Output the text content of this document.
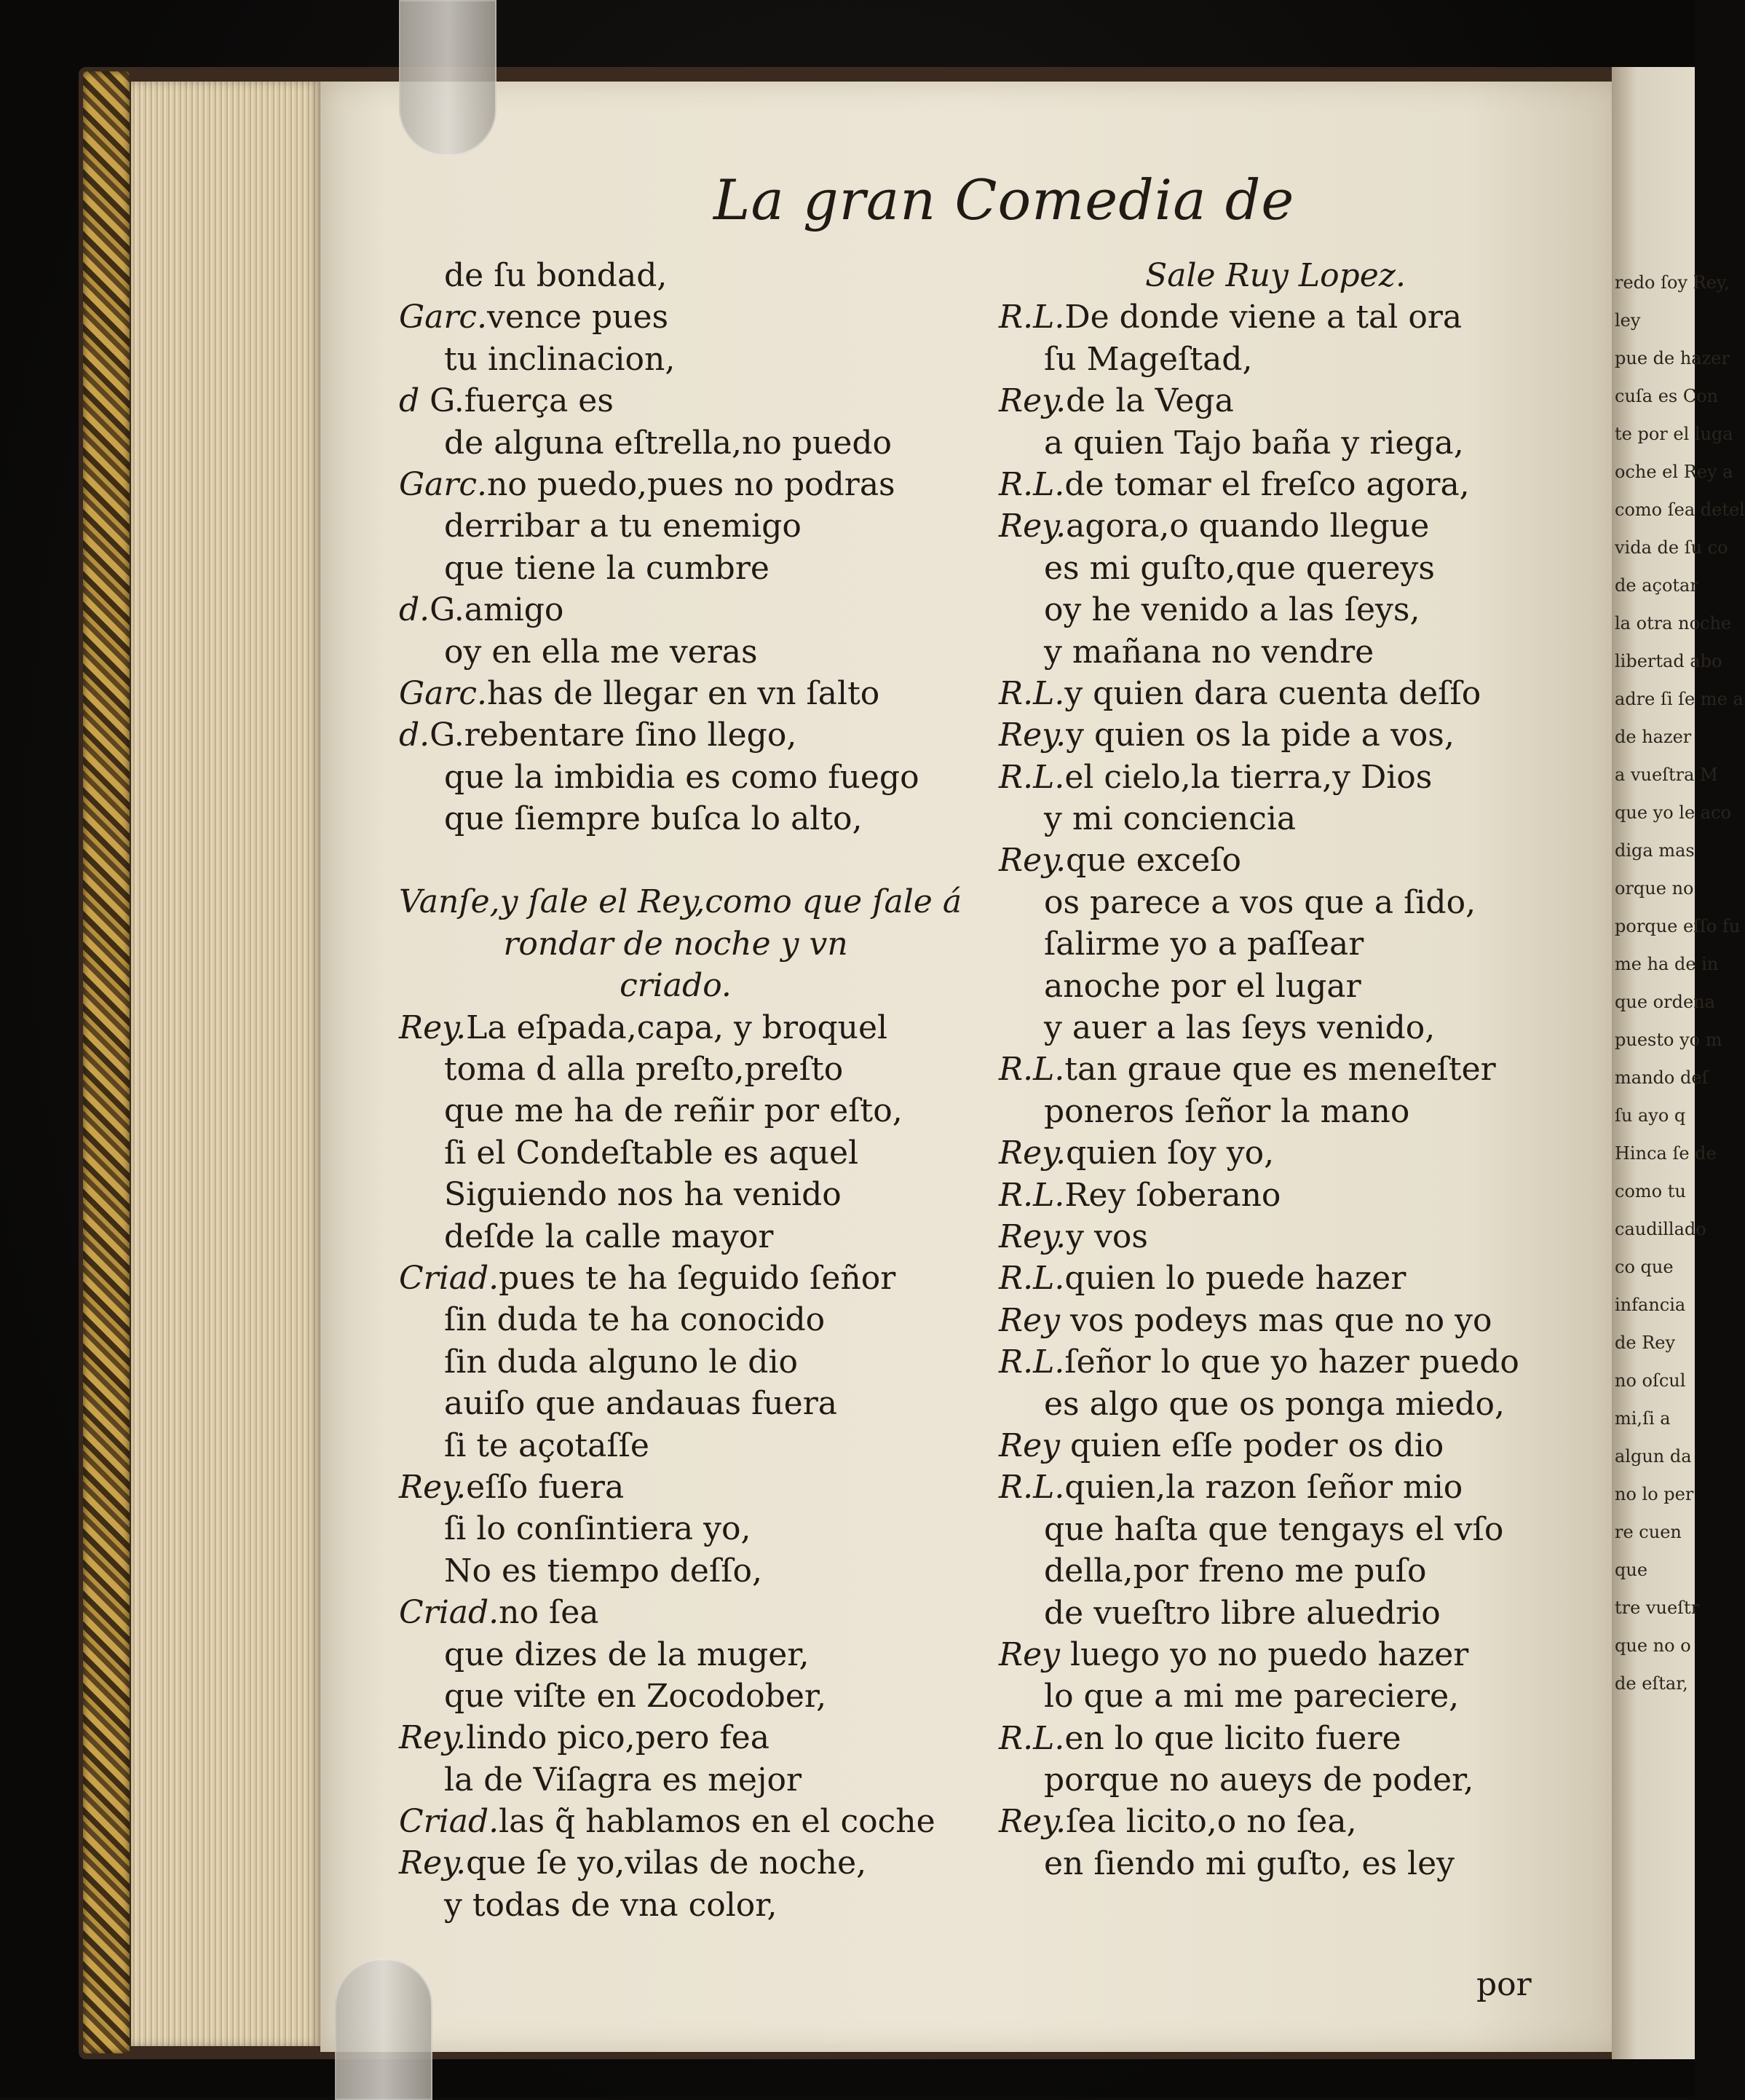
redo ſoy Rey,
ley
pue de hazer
cuſa es Con
te por el luga
oche el Rey a
como ſea detel
vida de ſu co
de açotar
la otra noche
libertad abo
adre ſi ſe me a
de hazer
a vueſtra M
que yo le aco
diga mas
orque no
porque eſſo fu
me ha de in
que ordena
puesto yo m
mando deſ
ſu ayo q
Hinca ſe de
como tu
caudillado
co que
infancia
de Rey
no oſcul
mi,ſi a
algun da
no lo per
re cuen
que
tre vueſtr
que no o
de eſtar,
La gran Comedia de
de ſu bondad,
Garc.vence pues
tu inclinacion,
d G.fuerça es
de alguna eſtrella,no puedo
Garc.no puedo,pues no podras
derribar a tu enemigo
que tiene la cumbre
d.G.amigo
oy en ella me veras
Garc.has de llegar en vn ſalto
d.G.rebentare ſino llego,
que la imbidia es como fuego
que ſiempre buſca lo alto,
Vanſe,y ſale el Rey,como que ſale á
rondar de noche y vn
criado.
Rey.La eſpada,capa, y broquel
toma d alla preſto,preſto
que me ha de reñir por eſto,
ſi el Condeſtable es aquel
Siguiendo nos ha venido
deſde la calle mayor
Criad.pues te ha ſeguido ſeñor
ſin duda te ha conocido
ſin duda alguno le dio
auiſo que andauas fuera
ſi te açotaſſe
Rey.eſſo fuera
ſi lo conſintiera yo,
No es tiempo deſſo,
Criad.no ſea
que dizes de la muger,
que viſte en Zocodober,
Rey.lindo pico,pero fea
la de Viſagra es mejor
Criad.las q̃ hablamos en el coche
Rey.que ſe yo,vilas de noche,
y todas de vna color,
Sale Ruy Lopez.
R.L.De donde viene a tal ora
ſu Mageſtad,
Rey.de la Vega
a quien Tajo baña y riega,
R.L.de tomar el freſco agora,
Rey.agora,o quando llegue
es mi guſto,que quereys
oy he venido a las ſeys,
y mañana no vendre
R.L.y quien dara cuenta deſſo
Rey.y quien os la pide a vos,
R.L.el cielo,la tierra,y Dios
y mi conciencia
Rey.que exceſo
os parece a vos que a ſido,
ſalirme yo a paſſear
anoche por el lugar
y auer a las ſeys venido,
R.L.tan graue que es meneſter
poneros ſeñor la mano
Rey.quien ſoy yo,
R.L.Rey ſoberano
Rey.y vos
R.L.quien lo puede hazer
Rey vos podeys mas que no yo
R.L.ſeñor lo que yo hazer puedo
es algo que os ponga miedo,
Rey quien eſſe poder os dio
R.L.quien,la razon ſeñor mio
que haſta que tengays el vſo
della,por freno me puſo
de vueſtro libre aluedrio
Rey luego yo no puedo hazer
lo que a mi me pareciere,
R.L.en lo que licito fuere
porque no aueys de poder,
Rey.ſea licito,o no ſea,
en ſiendo mi guſto, es ley
por
